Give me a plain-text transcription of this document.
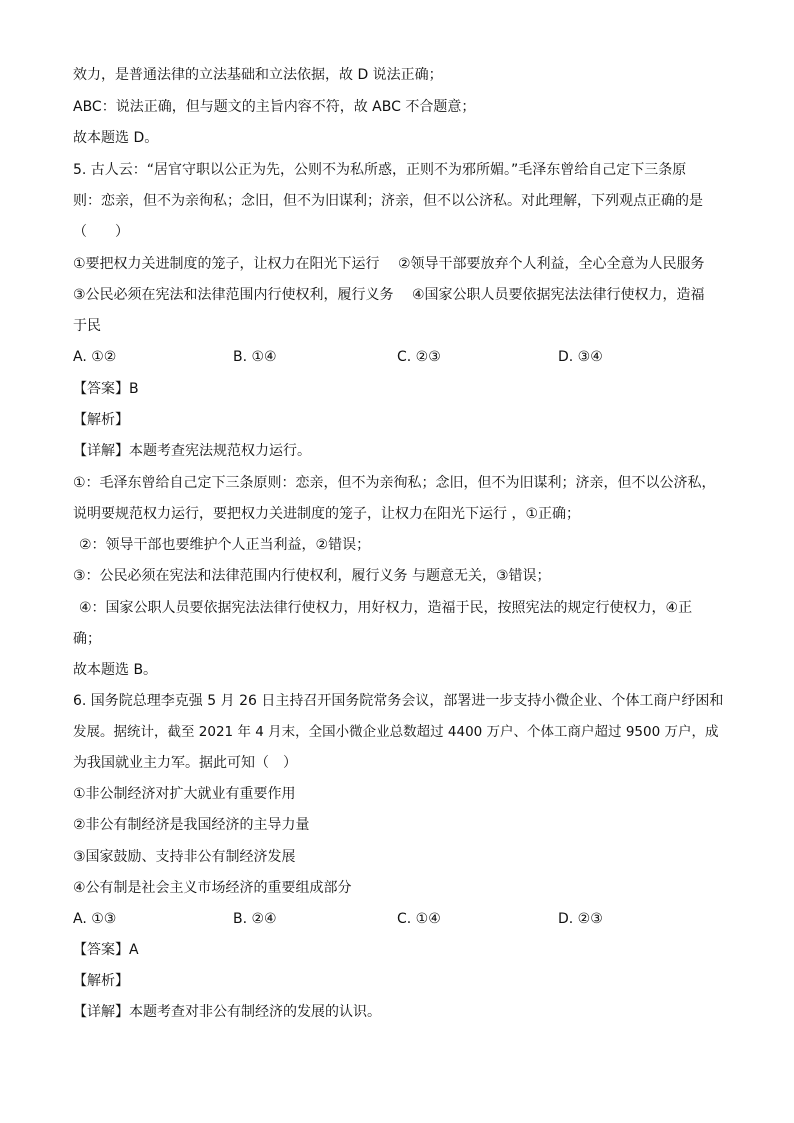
效力，是普通法律的立法基础和立法依据，故 D 说法正确；
ABC：说法正确，但与题文的主旨内容不符，故 ABC 不合题意；
故本题选 D。
5. 古人云：“居官守职以公正为先，公则不为私所惑，正则不为邪所媚。”毛泽东曾给自己定下三条原
则：恋亲，但不为亲徇私；念旧，但不为旧谋利；济亲，但不以公济私。对此理解，下列观点正确的是
（　　）
①要把权力关进制度的笼子，让权力在阳光下运行　 ②领导干部要放弃个人利益，全心全意为人民服务
③公民必须在宪法和法律范围内行使权利，履行义务　 ④国家公职人员要依据宪法法律行使权力，造福
于民
A. ①②	B. ①④	C. ②③	D. ③④
【答案】B
【解析】
【详解】本题考查宪法规范权力运行。
①：毛泽东曾给自己定下三条原则：恋亲，但不为亲徇私；念旧，但不为旧谋利；济亲，但不以公济私，
说明要规范权力运行，要把权力关进制度的笼子，让权力在阳光下运行 ，①正确；
②：领导干部也要维护个人正当利益，②错误；
③：公民必须在宪法和法律范围内行使权利，履行义务 与题意无关，③错误；
④：国家公职人员要依据宪法法律行使权力，用好权力，造福于民，按照宪法的规定行使权力，④正
确；
故本题选 B。
6. 国务院总理李克强 5 月 26 日主持召开国务院常务会议，部署进一步支持小微企业、个体工商户纾困和
发展。据统计，截至 2021 年 4 月末，全国小微企业总数超过 4400 万户、个体工商户超过 9500 万户，成
为我国就业主力军。据此可知（　）
①非公制经济对扩大就业有重要作用
②非公有制经济是我国经济的主导力量
③国家鼓励、支持非公有制经济发展
④公有制是社会主义市场经济的重要组成部分
A. ①③	B. ②④	C. ①④	D. ②③
【答案】A
【解析】
【详解】本题考查对非公有制经济的发展的认识。
